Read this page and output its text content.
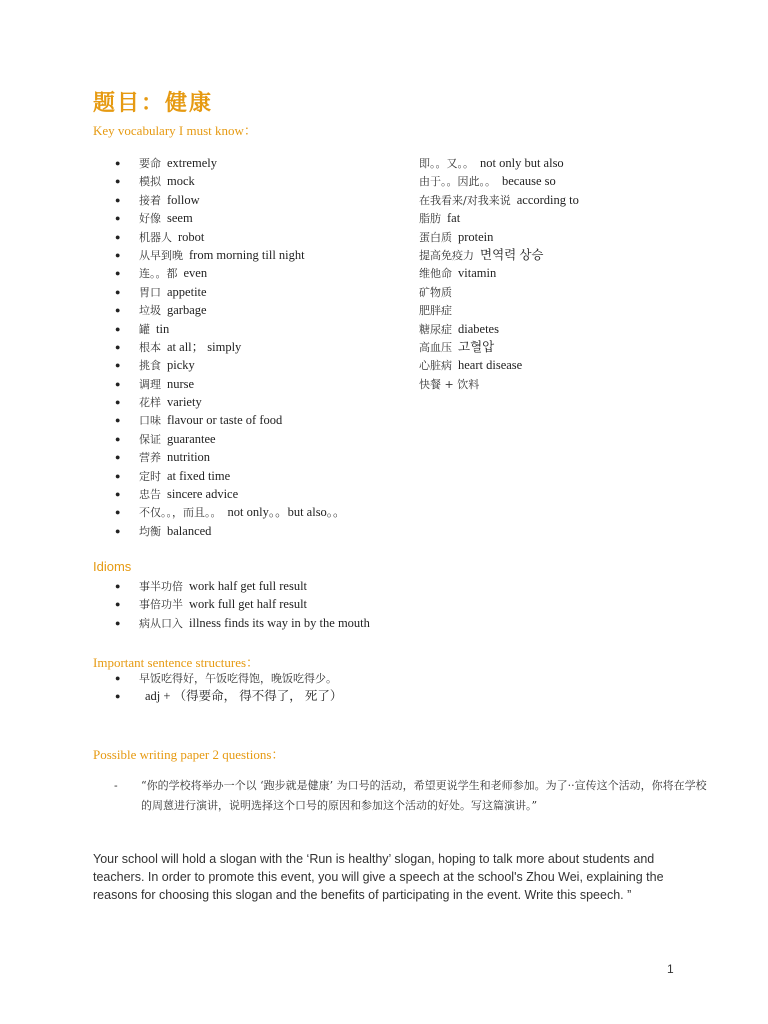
题目：健康

Key vocabulary I must know：

● 要命 extremely
● 模拟 mock
● 接着 follow
● 好像 seem
● 机器人 robot
● 从早到晚 from morning till night
● 连。。都 even
● 胃口 appetite
● 垃圾 garbage
● 罐 tin
● 根本 at all； simply
● 挑食 picky
● 调理 nurse
● 花样 variety
● 口味 flavour or taste of food
● 保证 guarantee
● 营养 nutrition
● 定时 at fixed time
● 忠告 sincere advice
● 不仅。。，而且。。 not only。。but also。。
● 均衡 balanced
即。。又。。 not only but also
由于。。因此。。 because so
在我看来/对我来说 according to
脂肪 fat
蛋白质 protein
提高免疫力 면역력 상승
维他命 vitamin
矿物质
肥胖症
糖尿症 diabetes
高血压 고혈압
心脏病 heart disease
快餐 + 饮料

Idioms

● 事半功倍 work half get full result
● 事倍功半 work full get half result
● 病从口入 illness finds its way in by the mouth

Important sentence structures：

● 早饭吃得好，午饭吃得饱，晚饭吃得少。
● adj + （得要命， 得不得了， 死了）

Possible writing paper 2 questions：

-	“你的学校将举办一个以 ‘跑步就是健康’ 为口号的活动，希望更说学生和老师参加。为了··宣传这个活动，你将在学校的周蒽进行演讲，说明选择这个口号的原因和参加这个活动的好处。写这篇演讲。”

Your school will hold a slogan with the ‘Run is healthy’ slogan, hoping to talk more about students and teachers. In order to promote this event, you will give a speech at the school's Zhou Wei, explaining the reasons for choosing this slogan and the benefits of participating in the event. Write this speech. ”

1
